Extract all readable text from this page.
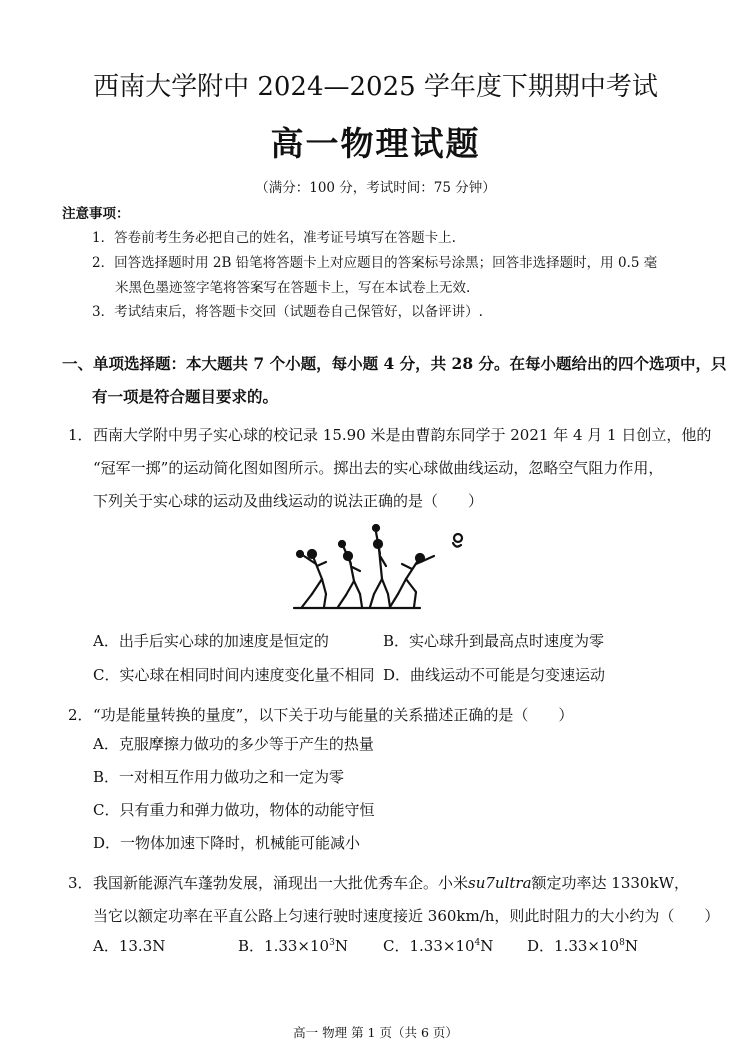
西南大学附中 2024—2025 学年度下期期中考试
高一物理试题
（满分：100 分，考试时间：75 分钟）
注意事项：
1．答卷前考生务必把自己的姓名，准考证号填写在答题卡上.
2．回答选择题时用 2B 铅笔将答题卡上对应题目的答案标号涂黑；回答非选择题时，用 0.5 毫
米黑色墨迹签字笔将答案写在答题卡上，写在本试卷上无效.
3．考试结束后，将答题卡交回（试题卷自己保管好，以备评讲）.
一、单项选择题：本大题共 7 个小题，每小题 4 分，共 28 分。在每小题给出的四个选项中，只
有一项是符合题目要求的。
1． 西南大学附中男子实心球的校记录 15.90 米是由曹韵东同学于 2021 年 4 月 1 日创立，他的
“冠军一掷”的运动简化图如图所示。掷出去的实心球做曲线运动，忽略空气阻力作用，
下列关于实心球的运动及曲线运动的说法正确的是（　　）
A．出手后实心球的加速度是恒定的	B．实心球升到最高点时速度为零
C．实心球在相同时间内速度变化量不相同 D．曲线运动不可能是匀变速运动
2． “功是能量转换的量度”，以下关于功与能量的关系描述正确的是（　　）
A．克服摩擦力做功的多少等于产生的热量
B．一对相互作用力做功之和一定为零
C．只有重力和弹力做功，物体的动能守恒
D．一物体加速下降时，机械能可能减小
3． 我国新能源汽车蓬勃发展，涌现出一大批优秀车企。小米su7ultra额定功率达 1330kW，
当它以额定功率在平直公路上匀速行驶时速度接近 360km/h，则此时阻力的大小约为（　　）
A．13.3N	B．$1.33\times 10^3N$ C．$1.33\times 10^4N$ D．$1.33\times 10^8N$
高一 物理 第 1 页（共 6 页）
